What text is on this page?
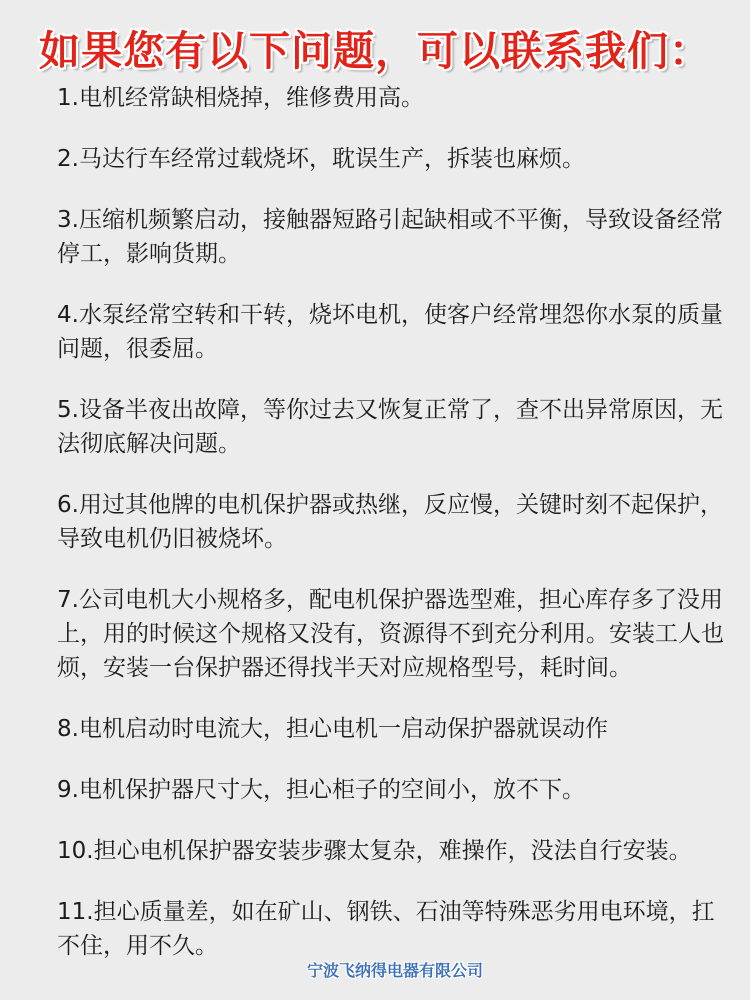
如果您有以下问题，可以联系我们：
1.电机经常缺相烧掉，维修费用高。
2.马达行车经常过载烧坏，耽误生产，拆装也麻烦。
3.压缩机频繁启动，接触器短路引起缺相或不平衡，导致设备经常停工，影响货期。
4.水泵经常空转和干转，烧坏电机，使客户经常埋怨你水泵的质量问题，很委屈。
5.设备半夜出故障，等你过去又恢复正常了，查不出异常原因，无法彻底解决问题。
6.用过其他牌的电机保护器或热继，反应慢，关键时刻不起保护，导致电机仍旧被烧坏。
7.公司电机大小规格多，配电机保护器选型难，担心库存多了没用上，用的时候这个规格又没有，资源得不到充分利用。安装工人也烦，安装一台保护器还得找半天对应规格型号，耗时间。
8.电机启动时电流大，担心电机一启动保护器就误动作
9.电机保护器尺寸大，担心柜子的空间小，放不下。
10.担心电机保护器安装步骤太复杂，难操作，没法自行安装。
11.担心质量差，如在矿山、钢铁、石油等特殊恶劣用电环境，扛不住，用不久。
宁波飞纳得电器有限公司
